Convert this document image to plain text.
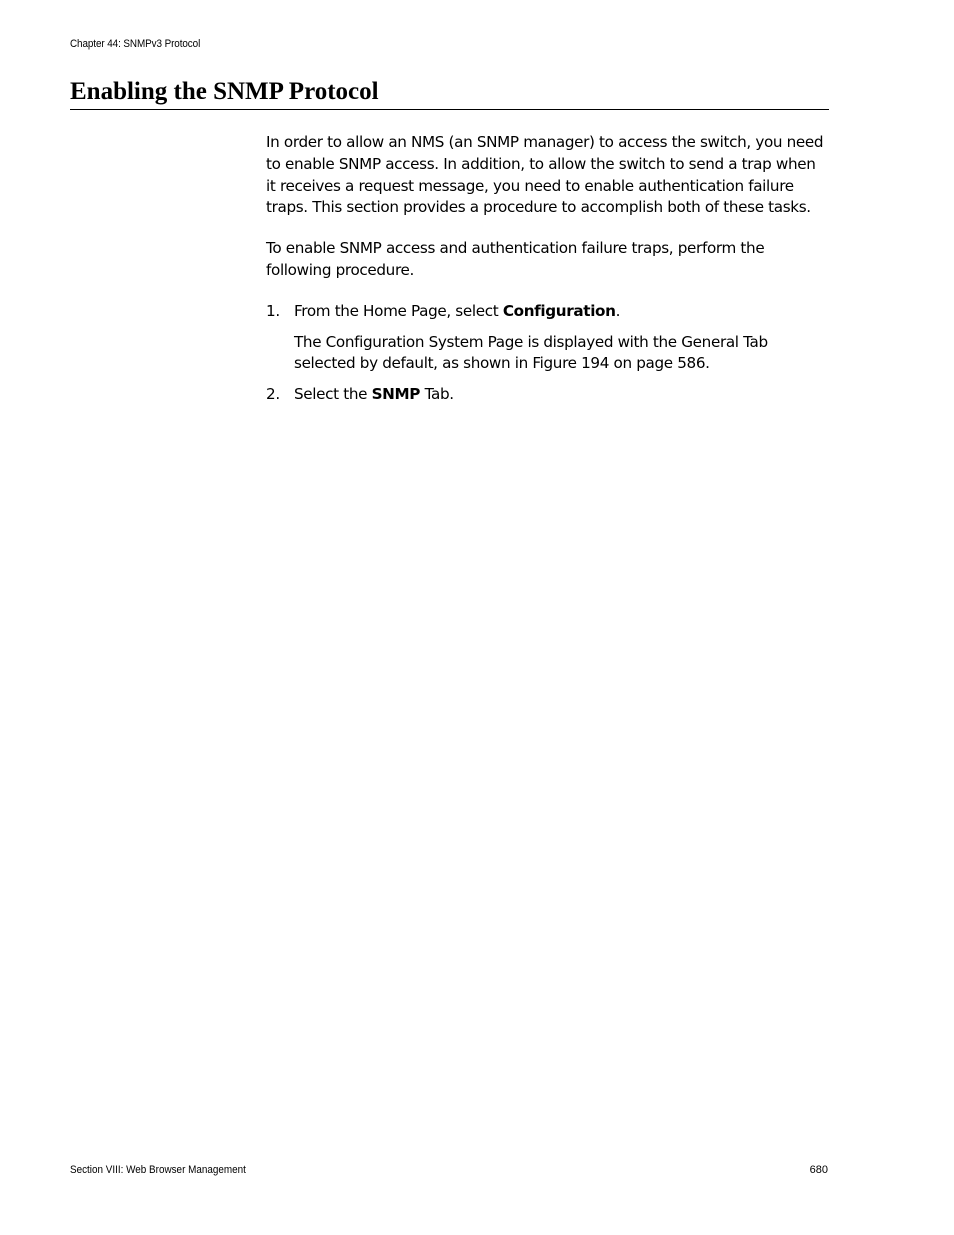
Chapter 44: SNMPv3 Protocol
Enabling the SNMP Protocol

In order to allow an NMS (an SNMP manager) to access the switch, you need to enable SNMP access. In addition, to allow the switch to send a trap when it receives a request message, you need to enable authentication failure traps. This section provides a procedure to accomplish both of these tasks.

To enable SNMP access and authentication failure traps, perform the following procedure.

1. From the Home Page, select Configuration.
The Configuration System Page is displayed with the General Tab selected by default, as shown in Figure 194 on page 586.
2. Select the SNMP Tab.
Section VIII: Web Browser Management	680
